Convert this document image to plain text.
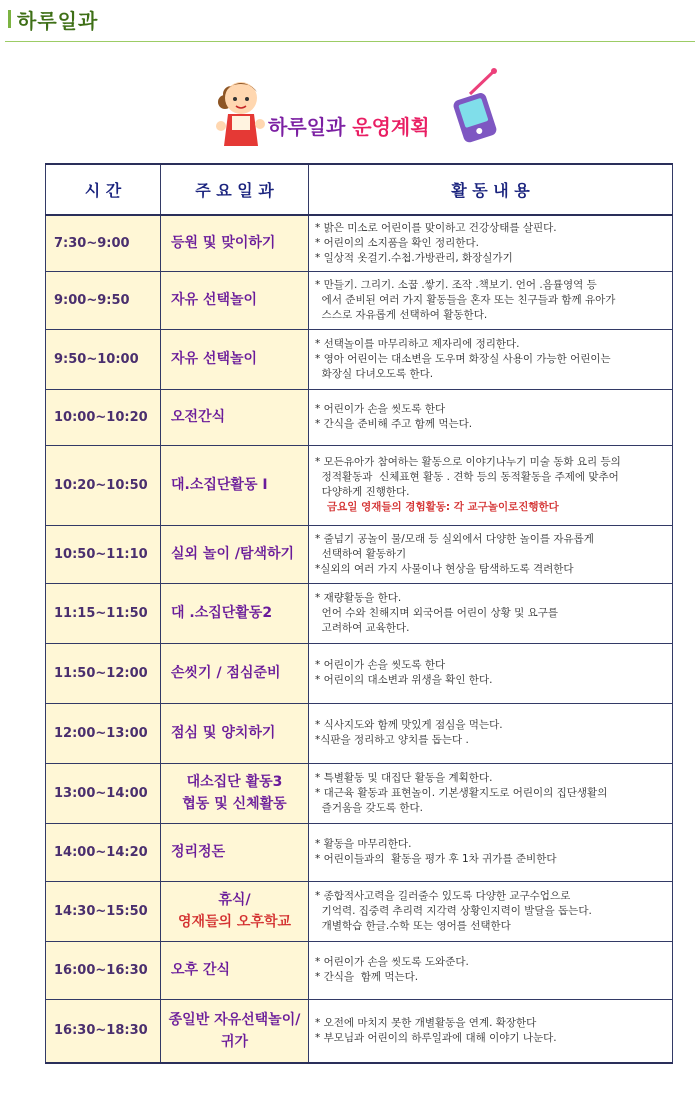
하루일과
하루일과 운영계획
시 간	주 요 일 과	활 동 내 용
7:30~9:00	등원 및 맞이하기	* 밝은 미소로 어린이를 맞이하고 건강상태를 살핀다.
* 어린이의 소지품을 확인 정리한다.
* 일상적 옷걸기.수첩.가방관리, 화장실가기

9:00~9:50	자유 선택놀이	* 만들기. 그리기. 소꿉 .쌓기. 조작 .책보기. 언어 .음률영역 등
에서 준비된 여러 가지 활동들을 혼자 또는 친구들과 함께 유아가
스스로 자유롭게 선택하여 활동한다.

9:50~10:00	자유 선택놀이	* 선택놀이를 마무리하고 제자리에 정리한다.
* 영아 어린이는 대소변을 도우며 화장실 사용이 가능한 어린이는
화장실 다녀오도록 한다.

10:00~10:20	오전간식	* 어린이가 손을 씻도록 한다
* 간식을 준비해 주고 함께 먹는다.

10:20~10:50	대.소집단활동 I	* 모든유아가 참여하는 활동으로 이야기나누기 미술 동화 요리 등의
정적활동과  신체표현 활동 . 견학 등의 동적활동을 주제에 맞추어
다양하게 진행한다.
금요일 영재들의 경험활동: 각 교구놀이로진행한다

10:50~11:10	실외 놀이 /탐색하기	* 줄넘기 공놀이 물/모래 등 실외에서 다양한 놀이를 자유롭게
선택하여 활동하기
*실외의 여러 가지 사물이나 현상을 탐색하도록 격려한다

11:15~11:50	대 .소집단활동2	* 재량활동을 한다.
언어 수와 친해지며 외국어를 어린이 상황 및 요구를
고려하여 교육한다.

11:50~12:00	손씻기 / 점심준비	* 어린이가 손을 씻도록 한다
* 어린이의 대소변과 위생을 확인 한다.

12:00~13:00	점심 및 양치하기	* 식사지도와 함께 맛있게 점심을 먹는다.
*식판을 정리하고 양치를 돕는다 .

13:00~14:00	대소집단 활동3
협동 및 신체활동	* 특별활동 및 대집단 활동을 계획한다.
* 대근육 활동과 표현놀이. 기본생활지도로 어린이의 집단생활의
즐거움을 갖도록 한다.

14:00~14:20	정리정돈	* 활동을 마무리한다.
* 어린이들과의  활동을 평가 후 1차 귀가를 준비한다

14:30~15:50	휴식/
영재들의 오후학교	* 종합적사고력을 길러줄수 있도록 다양한 교구수업으로
기억력. 집중력 추리력 지각력 상황인지력이 발달을 돕는다.
개별학습 한글.수학 또는 영어를 선택한다

16:00~16:30	오후 간식	* 어린이가 손을 씻도록 도와준다.
* 간식을  함께 먹는다.

16:30~18:30	종일반 자유선택놀이/
귀가	* 오전에 마치지 못한 개별활동을 연계. 확장한다
* 부모님과 어린이의 하루일과에 대해 이야기 나눈다.
